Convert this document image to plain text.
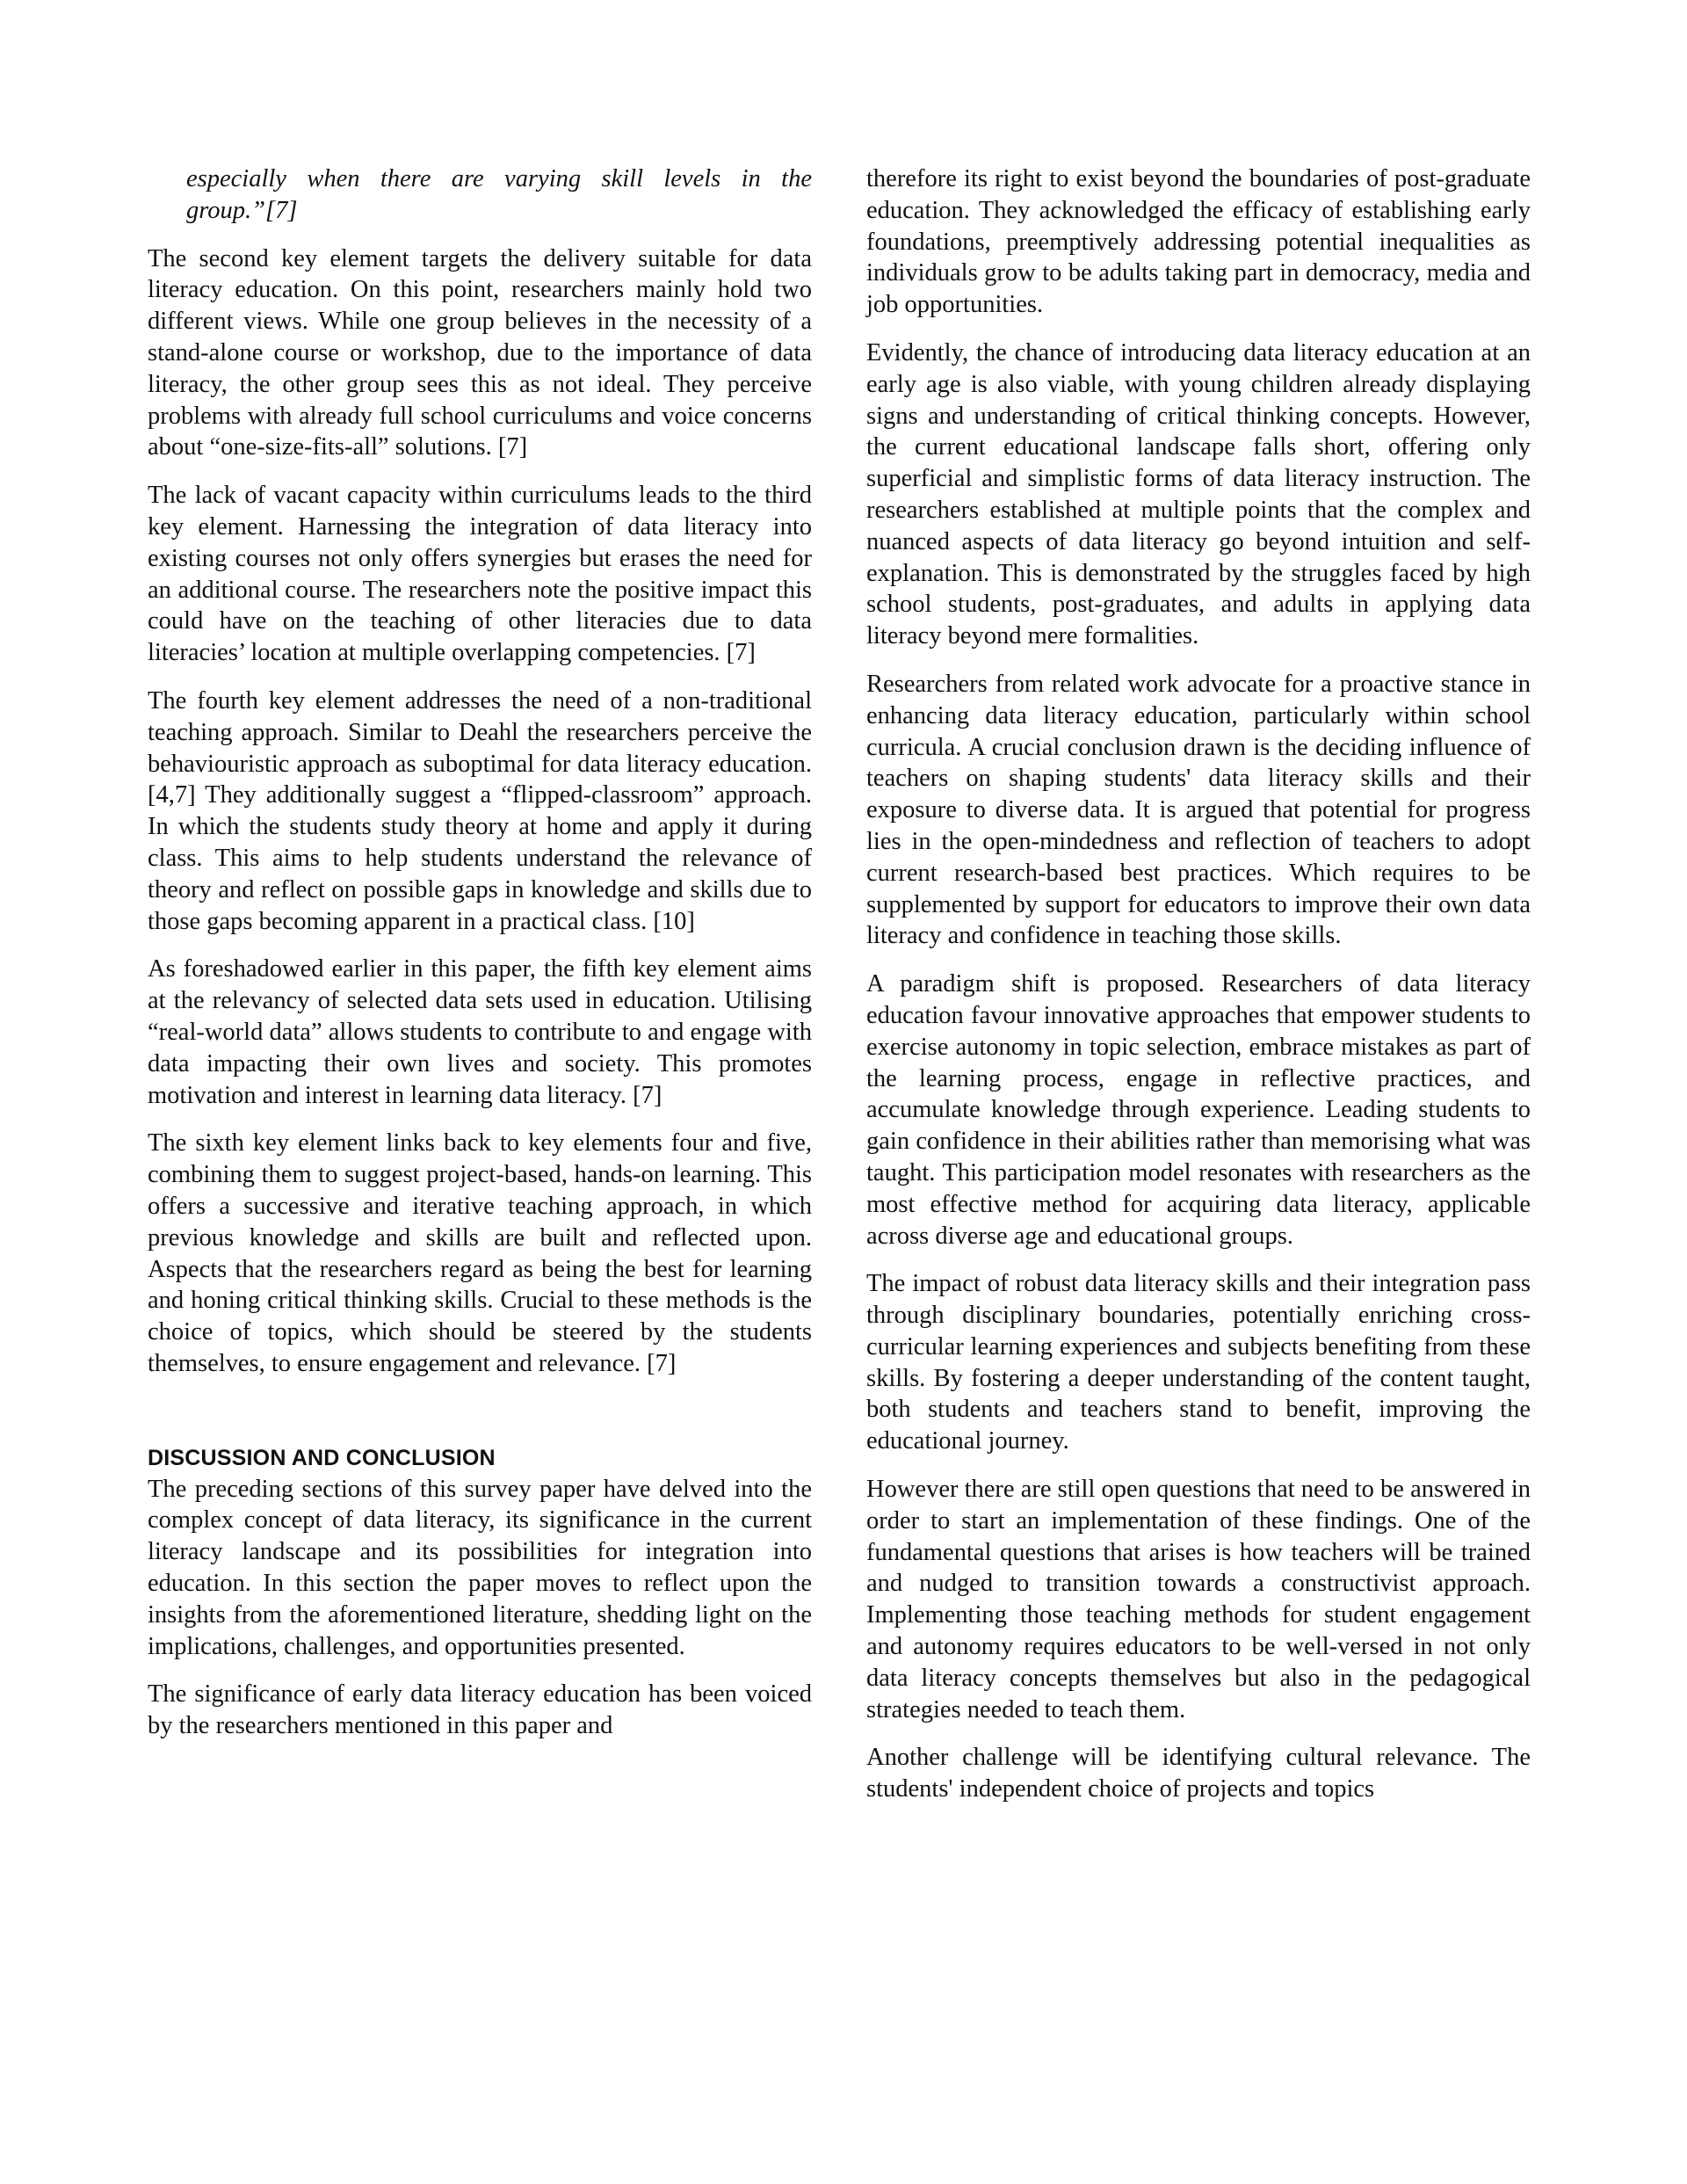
especially when there are varying skill levels in the group.”[7]

The second key element targets the delivery suitable for data literacy education. On this point, researchers mainly hold two different views. While one group believes in the necessity of a stand-alone course or workshop, due to the importance of data literacy, the other group sees this as not ideal. They perceive problems with already full school curriculums and voice concerns about “one-size-fits-all” solutions. [7]

The lack of vacant capacity within curriculums leads to the third key element. Harnessing the integration of data literacy into existing courses not only offers synergies but erases the need for an additional course. The researchers note the positive impact this could have on the teaching of other literacies due to data literacies’ location at multiple overlapping competencies. [7]

The fourth key element addresses the need of a non-traditional teaching approach. Similar to Deahl the researchers perceive the behaviouristic approach as suboptimal for data literacy education. [4,7] They additionally suggest a “flipped-classroom” approach. In which the students study theory at home and apply it during class. This aims to help students understand the relevance of theory and reflect on possible gaps in knowledge and skills due to those gaps becoming apparent in a practical class. [10]

As foreshadowed earlier in this paper, the fifth key element aims at the relevancy of selected data sets used in education. Utilising “real-world data” allows students to contribute to and engage with data impacting their own lives and society. This promotes motivation and interest in learning data literacy. [7]

The sixth key element links back to key elements four and five, combining them to suggest project-based, hands-on learning. This offers a successive and iterative teaching approach, in which previous knowledge and skills are built and reflected upon. Aspects that the researchers regard as being the best for learning and honing critical thinking skills. Crucial to these methods is the choice of topics, which should be steered by the students themselves, to ensure engagement and relevance. [7]

DISCUSSION AND CONCLUSION

The preceding sections of this survey paper have delved into the complex concept of data literacy, its significance in the current literacy landscape and its possibilities for integration into education. In this section the paper moves to reflect upon the insights from the aforementioned literature, shedding light on the implications, challenges, and opportunities presented.

The significance of early data literacy education has been voiced by the researchers mentioned in this paper and

therefore its right to exist beyond the boundaries of post-graduate education. They acknowledged the efficacy of establishing early foundations, preemptively addressing potential inequalities as individuals grow to be adults taking part in democracy, media and job opportunities.

Evidently, the chance of introducing data literacy education at an early age is also viable, with young children already displaying signs and understanding of critical thinking concepts. However, the current educational landscape falls short, offering only superficial and simplistic forms of data literacy instruction. The researchers established at multiple points that the complex and nuanced aspects of data literacy go beyond intuition and self-explanation. This is demonstrated by the struggles faced by high school students, post-graduates, and adults in applying data literacy beyond mere formalities.

Researchers from related work advocate for a proactive stance in enhancing data literacy education, particularly within school curricula. A crucial conclusion drawn is the deciding influence of teachers on shaping students' data literacy skills and their exposure to diverse data. It is argued that potential for progress lies in the open-mindedness and reflection of teachers to adopt current research-based best practices. Which requires to be supplemented by support for educators to improve their own data literacy and confidence in teaching those skills.

A paradigm shift is proposed. Researchers of data literacy education favour innovative approaches that empower students to exercise autonomy in topic selection, embrace mistakes as part of the learning process, engage in reflective practices, and accumulate knowledge through experience. Leading students to gain confidence in their abilities rather than memorising what was taught. This participation model resonates with researchers as the most effective method for acquiring data literacy, applicable across diverse age and educational groups.

The impact of robust data literacy skills and their integration pass through disciplinary boundaries, potentially enriching cross-curricular learning experiences and subjects benefiting from these skills. By fostering a deeper understanding of the content taught, both students and teachers stand to benefit, improving the educational journey.

However there are still open questions that need to be answered in order to start an implementation of these findings. One of the fundamental questions that arises is how teachers will be trained and nudged to transition towards a constructivist approach. Implementing those teaching methods for student engagement and autonomy requires educators to be well-versed in not only data literacy concepts themselves but also in the pedagogical strategies needed to teach them.

Another challenge will be identifying cultural relevance. The students' independent choice of projects and topics
